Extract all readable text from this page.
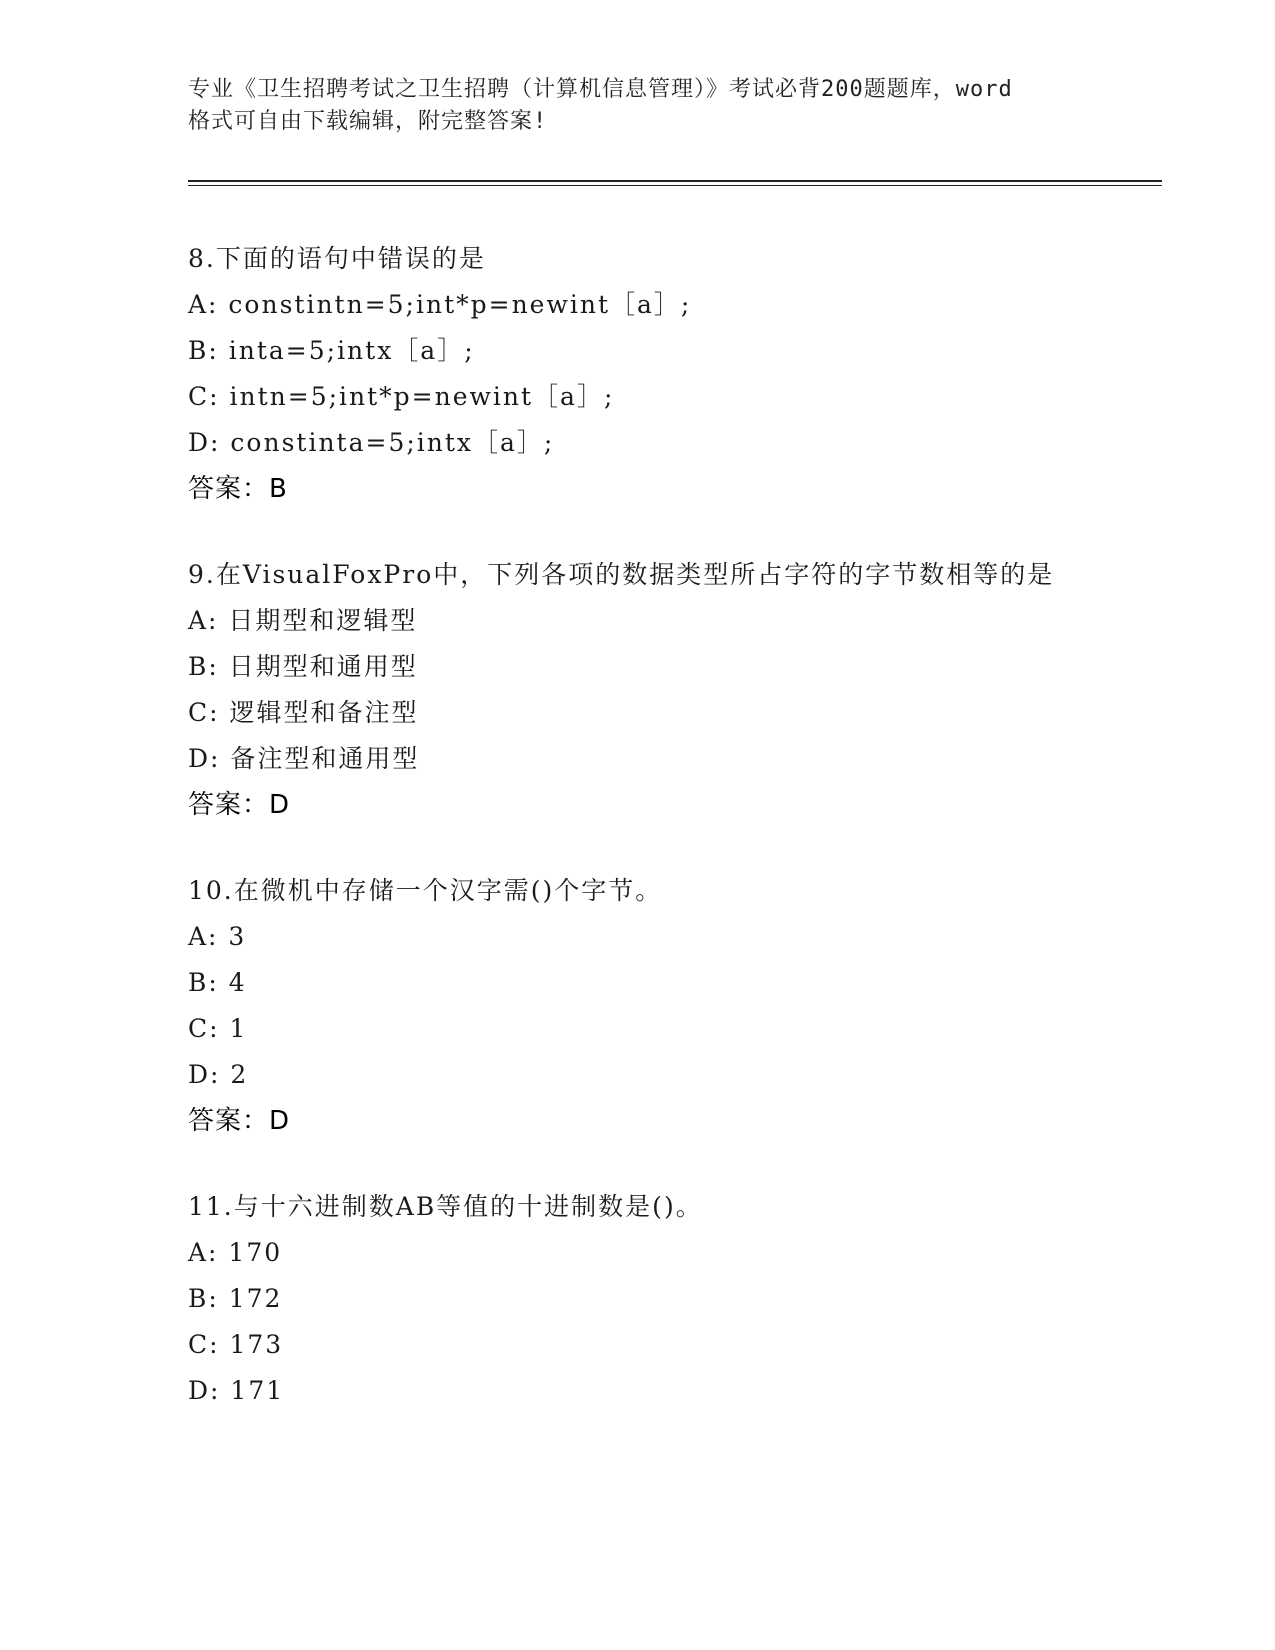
专业《卫生招聘考试之卫生招聘（计算机信息管理）》考试必背200题题库，word
格式可自由下载编辑，附完整答案!
8.下面的语句中错误的是
A: constintn=5;int*p=newint［a］;
B: inta=5;intx［a］;
C: intn=5;int*p=newint［a］;
D: constinta=5;intx［a］;
答案：B
9.在VisualFoxPro中，下列各项的数据类型所占字符的字节数相等的是
A: 日期型和逻辑型
B: 日期型和通用型
C: 逻辑型和备注型
D: 备注型和通用型
答案：D
10.在微机中存储一个汉字需()个字节。
A: 3
B: 4
C: 1
D: 2
答案：D
11.与十六进制数AB等值的十进制数是()。
A: 170
B: 172
C: 173
D: 171
